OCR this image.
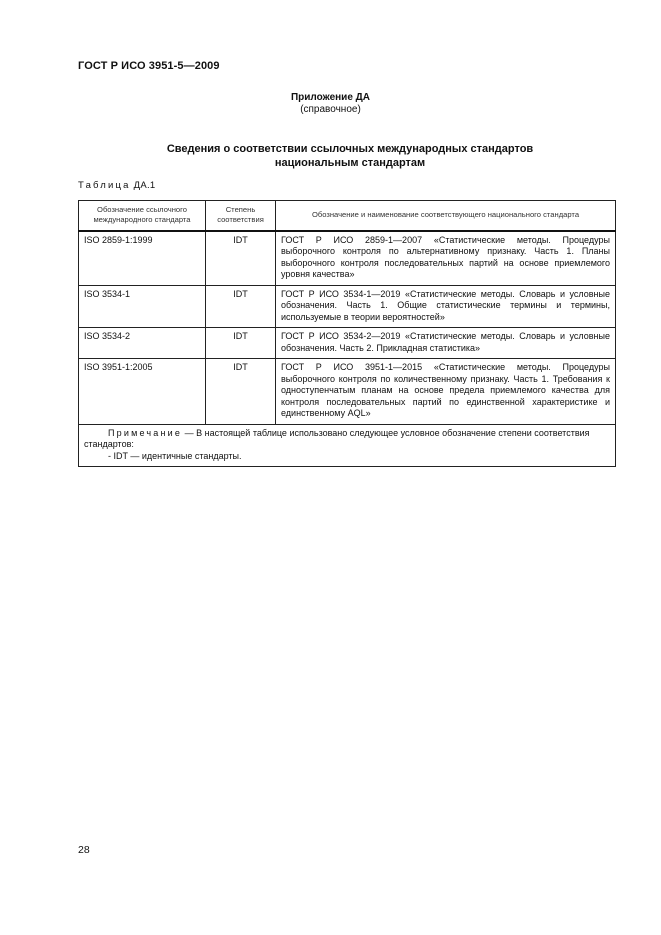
ГОСТ Р ИСО 3951-5—2009
Приложение ДА
(справочное)
Сведения о соответствии ссылочных международных стандартов
национальным стандартам
Таблица ДА.1
Обозначение ссылочного международного стандарта	Степень соответствия	Обозначение и наименование соответствующего национального стандарта
ISO 2859-1:1999	IDT	ГОСТ Р ИСО 2859-1—2007 «Статистические методы. Процедуры выборочного контроля по альтернативному признаку. Часть 1. Планы выборочного контроля последовательных партий на основе приемлемого уровня качества»
ISO 3534-1	IDT	ГОСТ Р ИСО 3534-1—2019 «Статистические методы. Словарь и условные обозначения. Часть 1. Общие статистические термины и термины, используемые в теории вероятностей»
ISO 3534-2	IDT	ГОСТ Р ИСО 3534-2—2019 «Статистические методы. Словарь и условные обозначения. Часть 2. Прикладная статистика»
ISO 3951-1:2005	IDT	ГОСТ Р ИСО 3951-1—2015 «Статистические методы. Процедуры выборочного контроля по количественному признаку. Часть 1. Требования к одноступенчатым планам на основе предела приемлемого качества для контроля последовательных партий по единственной характеристике и единственному AQL»

Примечание — В настоящей таблице использовано следующее условное обозначение степени соответствия стандартов:
- IDT — идентичные стандарты.		
28
